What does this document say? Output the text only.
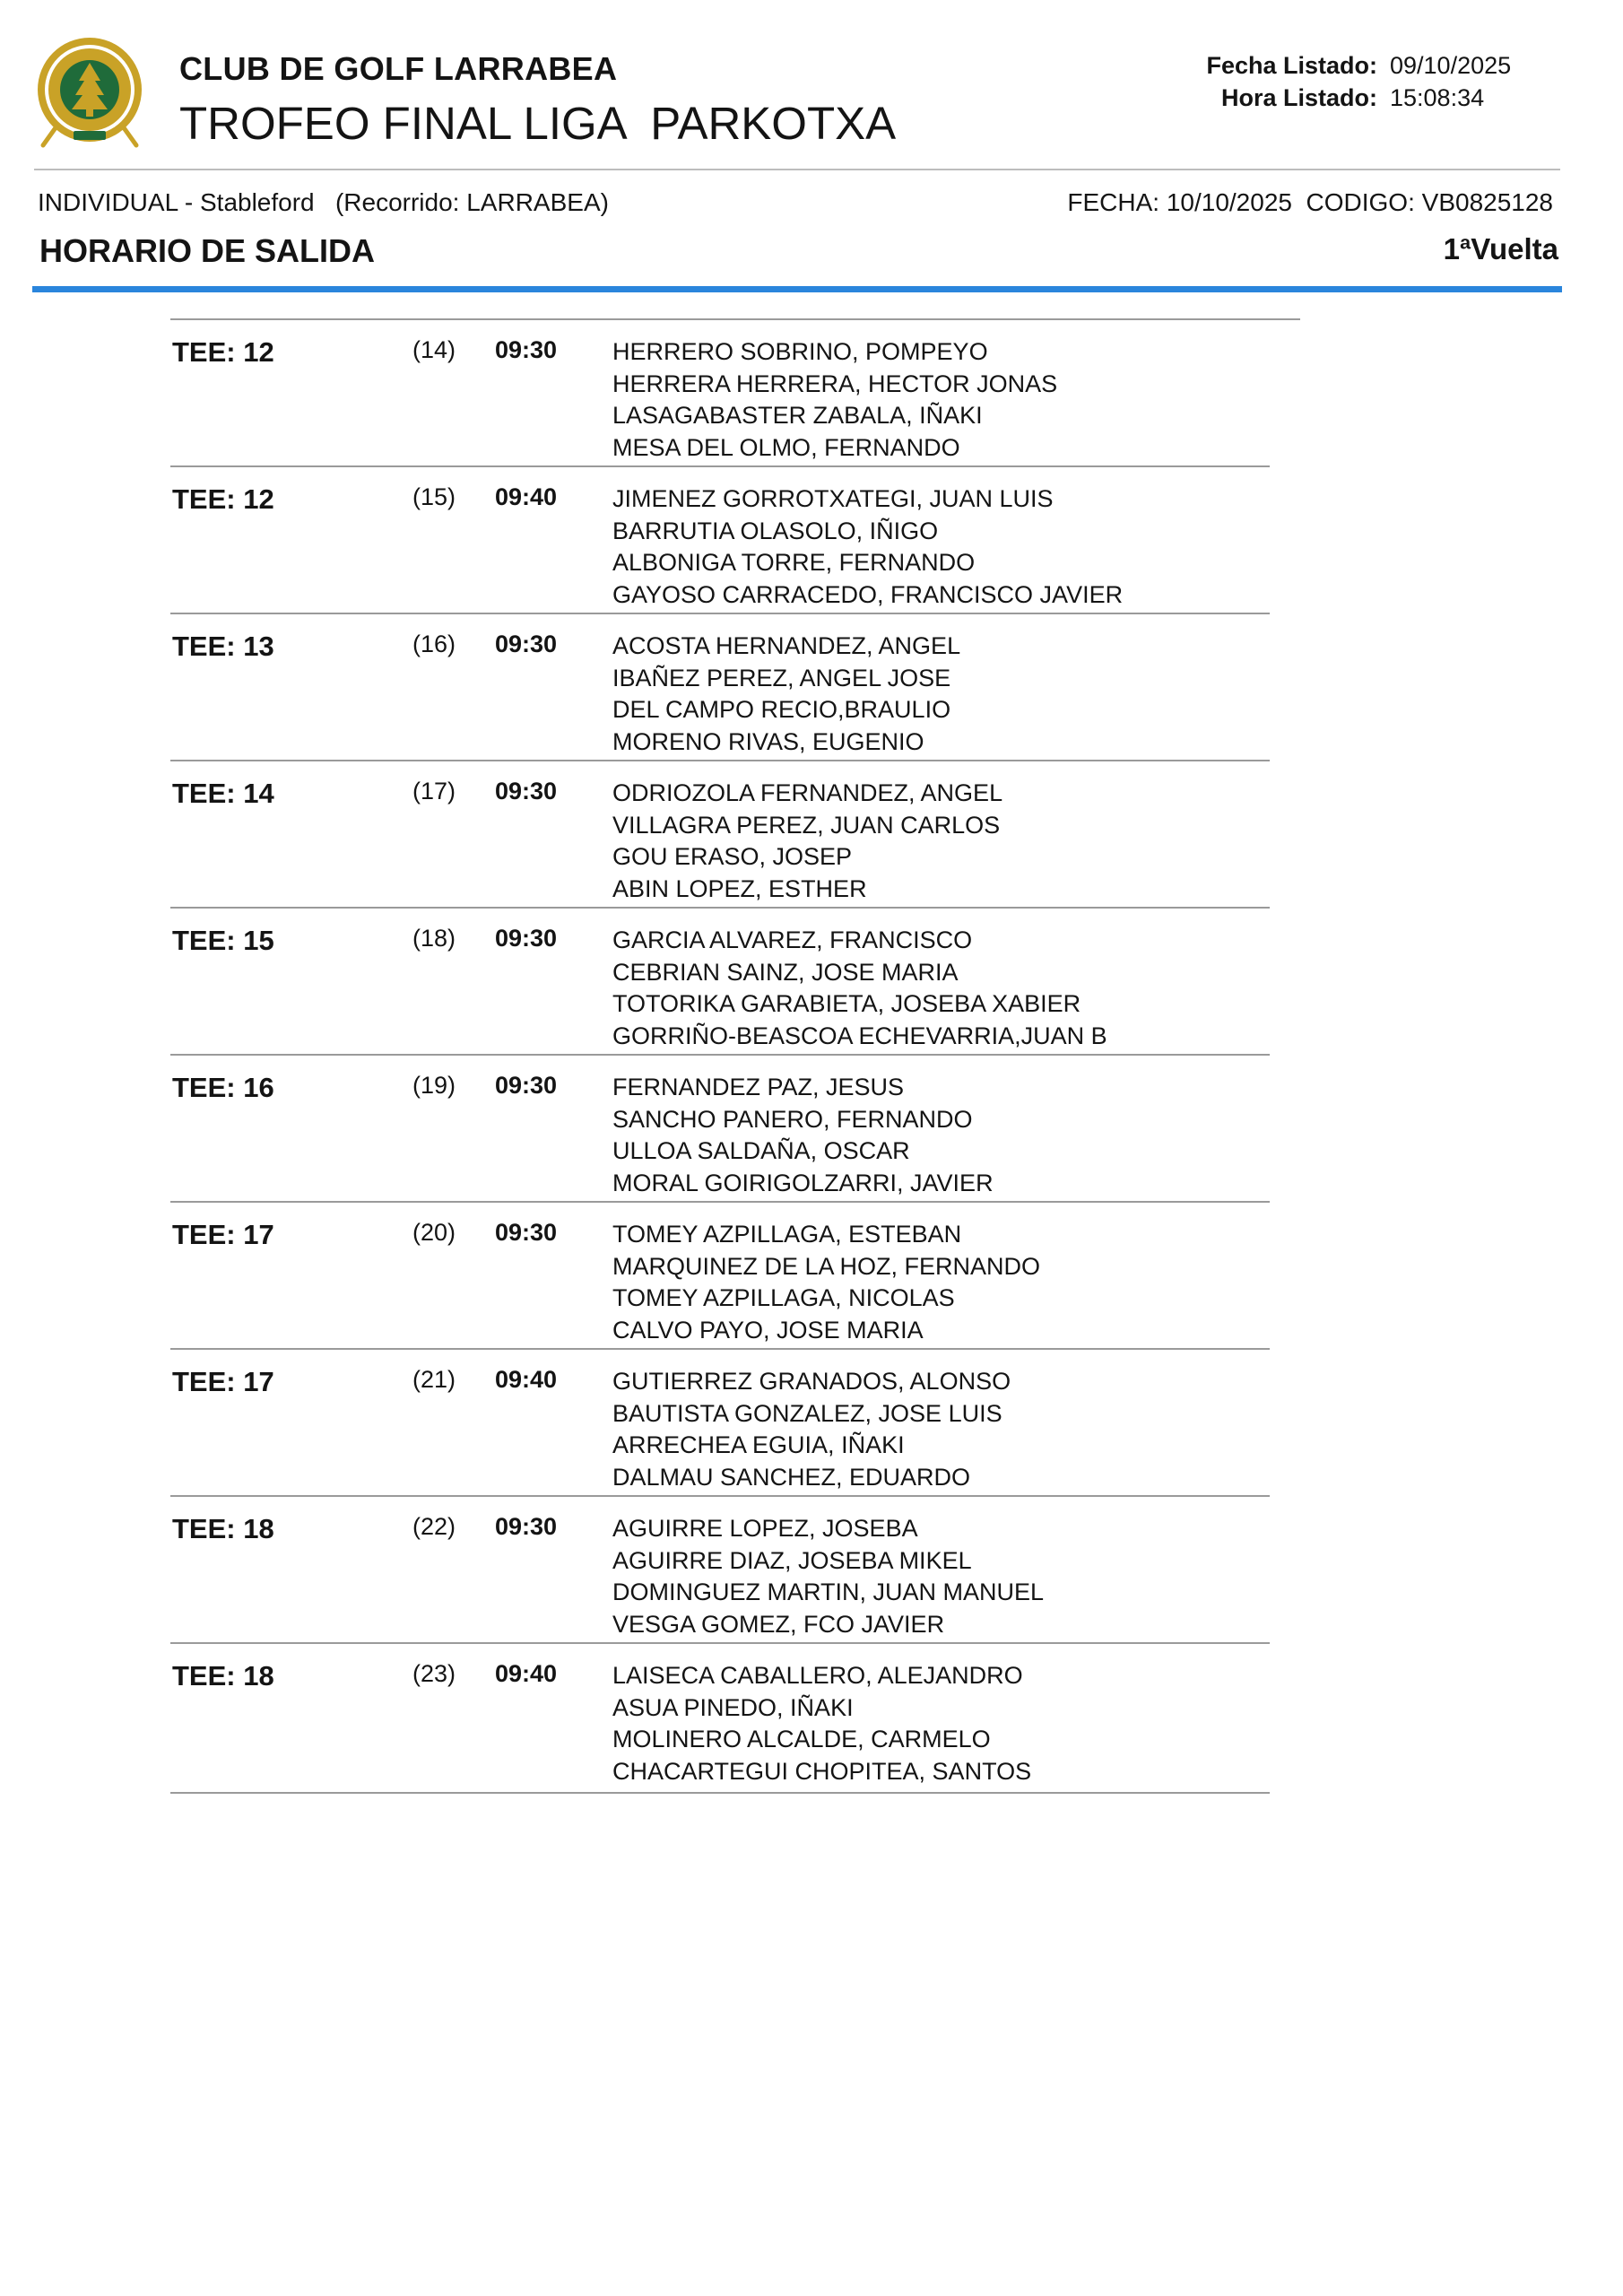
CLUB DE GOLF LARRABEA
TROFEO FINAL LIGA  PARKOTXA
Fecha Listado: 09/10/2025
Hora Listado: 15:08:34
INDIVIDUAL - Stableford   (Recorrido: LARRABEA)	FECHA: 10/10/2025  CODIGO: VB0825128
HORARIO DE SALIDA	1ªVuelta
TEE: 12	(14) 09:30 HERRERO SOBRINO, POMPEYO
HERRERA HERRERA, HECTOR JONAS
LASAGABASTER ZABALA, IÑAKI
MESA DEL OLMO, FERNANDO
TEE: 12	(15) 09:40 JIMENEZ GORROTXATEGI, JUAN LUIS
BARRUTIA OLASOLO, IÑIGO
ALBONIGA TORRE, FERNANDO
GAYOSO CARRACEDO, FRANCISCO JAVIER
TEE: 13	(16) 09:30 ACOSTA HERNANDEZ, ANGEL
IBAÑEZ PEREZ, ANGEL JOSE
DEL CAMPO RECIO,BRAULIO
MORENO RIVAS, EUGENIO
TEE: 14	(17) 09:30 ODRIOZOLA FERNANDEZ, ANGEL
VILLAGRA PEREZ, JUAN CARLOS
GOU ERASO, JOSEP
ABIN LOPEZ, ESTHER
TEE: 15	(18) 09:30 GARCIA ALVAREZ, FRANCISCO
CEBRIAN SAINZ, JOSE MARIA
TOTORIKA GARABIETA, JOSEBA XABIER
GORRIÑO-BEASCOA ECHEVARRIA,JUAN B
TEE: 16	(19) 09:30 FERNANDEZ PAZ, JESUS
SANCHO PANERO, FERNANDO
ULLOA SALDAÑA, OSCAR
MORAL GOIRIGOLZARRI, JAVIER
TEE: 17	(20) 09:30 TOMEY AZPILLAGA, ESTEBAN
MARQUINEZ DE LA HOZ, FERNANDO
TOMEY AZPILLAGA, NICOLAS
CALVO PAYO, JOSE MARIA
TEE: 17	(21) 09:40 GUTIERREZ GRANADOS, ALONSO
BAUTISTA GONZALEZ, JOSE LUIS
ARRECHEA EGUIA, IÑAKI
DALMAU SANCHEZ, EDUARDO
TEE: 18	(22) 09:30 AGUIRRE LOPEZ, JOSEBA
AGUIRRE DIAZ, JOSEBA MIKEL
DOMINGUEZ MARTIN, JUAN MANUEL
VESGA GOMEZ, FCO JAVIER
TEE: 18	(23) 09:40 LAISECA CABALLERO, ALEJANDRO
ASUA PINEDO, IÑAKI
MOLINERO ALCALDE, CARMELO
CHACARTEGUI CHOPITEA, SANTOS
